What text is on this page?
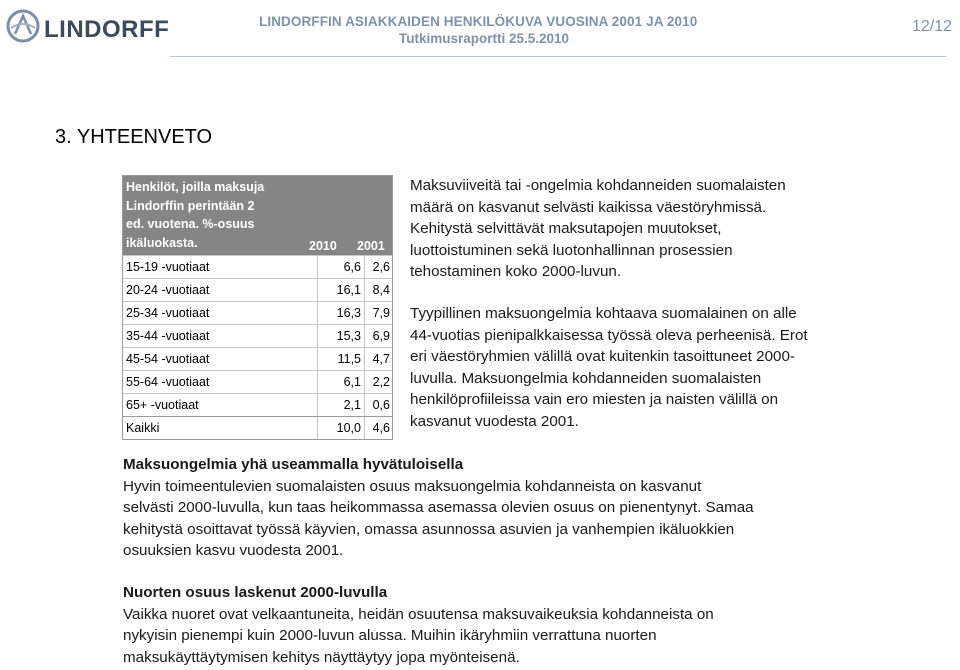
LINDORFF	LINDORFFIN ASIAKKAIDEN HENKILÖKUVA VUOSINA 2001 JA 2010
Tutkimusraportti 25.5.2010
12/12
3. YHTEENVETO
Henkilöt, joilla maksuja
Lindorffin perintään 2
ed. vuotena. %-osuus
ikäluokasta.	2010 2001
15-19 -vuotiaat	6,6 2,6
20-24 -vuotiaat	16,1 8,4
25-34 -vuotiaat	16,3 7,9
35-44 -vuotiaat	15,3 6,9
45-54 -vuotiaat	11,5 4,7
55-64 -vuotiaat	6,1 2,2
65+ -vuotiaat	2,1 0,6
Kaikki	10,0 4,6
Maksuviiveitä tai -ongelmia kohdanneiden suomalaisten
määrä on kasvanut selvästi kaikissa väestöryhmissä.
Kehitystä selvittävät maksutapojen muutokset,
luottoistuminen sekä luotonhallinnan prosessien
tehostaminen koko 2000-luvun.
Tyypillinen maksuongelmia kohtaava suomalainen on alle
44-vuotias pienipalkkaisessa työssä oleva perheenisä. Erot
eri väestöryhmien välillä ovat kuitenkin tasoittuneet 2000-
luvulla. Maksuongelmia kohdanneiden suomalaisten
henkilöprofiileissa vain ero miesten ja naisten välillä on
kasvanut vuodesta 2001.
Maksuongelmia yhä useammalla hyvätuloisella
Hyvin toimeentulevien suomalaisten osuus maksuongelmia kohdanneista on kasvanut
selvästi 2000-luvulla, kun taas heikommassa asemassa olevien osuus on pienentynyt. Samaa
kehitystä osoittavat työssä käyvien, omassa asunnossa asuvien ja vanhempien ikäluokkien
osuuksien kasvu vuodesta 2001.
Nuorten osuus laskenut 2000-luvulla
Vaikka nuoret ovat velkaantuneita, heidän osuutensa maksuvaikeuksia kohdanneista on
nykyisin pienempi kuin 2000-luvun alussa. Muihin ikäryhmiin verrattuna nuorten
maksukäyttäytymisen kehitys näyttäytyy jopa myönteisenä.
